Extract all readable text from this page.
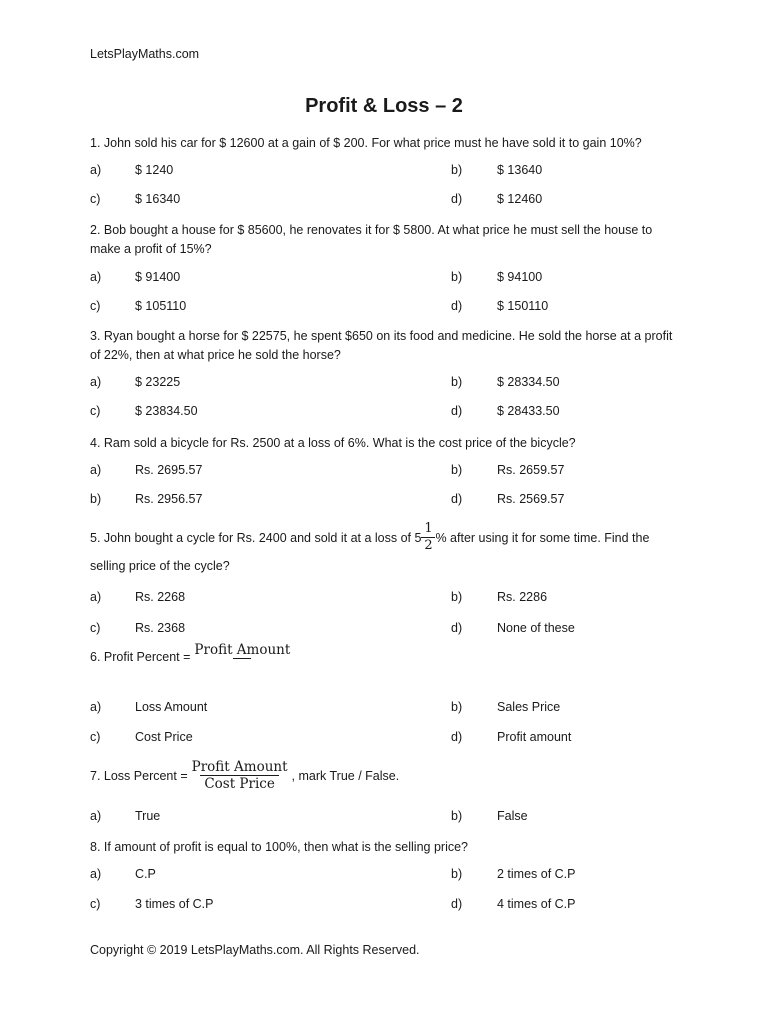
LetsPlayMaths.com
Profit & Loss – 2
1. John sold his car for $ 12600 at a gain of $ 200. For what price must he have sold it to gain 10%?
a)	$ 1240	b)	$ 13640
c)	$ 16340	d)	$ 12460
2. Bob bought a house for $ 85600, he renovates it for $ 5800. At what price he must sell the house to make a profit of 15%?
a)	$ 91400	b)	$ 94100
c)	$ 105110	d)	$ 150110
3. Ryan bought a horse for $ 22575, he spent $650 on its food and medicine. He sold the horse at a profit of 22%, then at what price he sold the horse?
a)	$ 23225	b)	$ 28334.50
c)	$ 23834.50	d)	$ 28433.50
4. Ram sold a bicycle for Rs. 2500 at a loss of 6%. What is the cost price of the bicycle?
a)	Rs. 2695.57	b)	Rs. 2659.57
b)	Rs. 2956.57	d)	Rs. 2569.57
5. John bought a cycle for Rs. 2400 and sold it at a loss of $5 \frac{1}{2}$ % after using it for some time. Find the
selling price of the cycle?
a)	Rs. 2268	b)	Rs. 2286
c)	Rs. 2368	d)	None of these
6. Profit Percent = Profit Amount
a)	Loss Amount	b)	Sales Price
c)	Cost Price	d)	Profit amount
7. Loss Percent = $\frac{\text{Profit Amount}}{\text{Cost Price}}$ , mark True / False.
a)	True	b)	False
8. If amount of profit is equal to 100%, then what is the selling price?
a)	C.P	b)	2 times of C.P
c)	3 times of C.P	d)	4 times of C.P
Copyright © 2019 LetsPlayMaths.com. All Rights Reserved.
